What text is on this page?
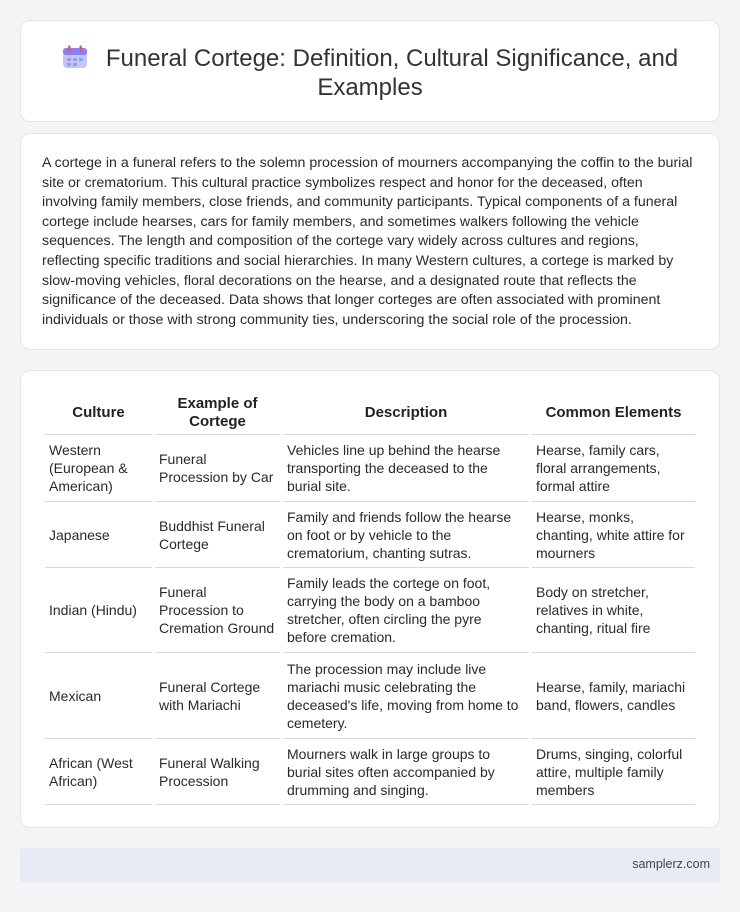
Funeral Cortege: Definition, Cultural Significance, and Examples

A cortege in a funeral refers to the solemn procession of mourners accompanying the coffin to the burial site or crematorium. This cultural practice symbolizes respect and honor for the deceased, often involving family members, close friends, and community participants. Typical components of a funeral cortege include hearses, cars for family members, and sometimes walkers following the vehicle sequences. The length and composition of the cortege vary widely across cultures and regions, reflecting specific traditions and social hierarchies. In many Western cultures, a cortege is marked by slow-moving vehicles, floral decorations on the hearse, and a designated route that reflects the significance of the deceased. Data shows that longer corteges are often associated with prominent individuals or those with strong community ties, underscoring the social role of the procession.

Culture	Example of Cortege	Description	Common Elements
Western (European & American)	Funeral Procession by Car	Vehicles line up behind the hearse transporting the deceased to the burial site.	Hearse, family cars, floral arrangements, formal attire
Japanese	Buddhist Funeral Cortege	Family and friends follow the hearse on foot or by vehicle to the crematorium, chanting sutras.	Hearse, monks, chanting, white attire for mourners
Indian (Hindu)	Funeral Procession to Cremation Ground	Family leads the cortege on foot, carrying the body on a bamboo stretcher, often circling the pyre before cremation.	Body on stretcher, relatives in white, chanting, ritual fire
Mexican	Funeral Cortege with Mariachi	The procession may include live mariachi music celebrating the deceased's life, moving from home to cemetery.	Hearse, family, mariachi band, flowers, candles
African (West African)	Funeral Walking Procession	Mourners walk in large groups to burial sites often accompanied by drumming and singing.	Drums, singing, colorful attire, multiple family members
samplerz.com
